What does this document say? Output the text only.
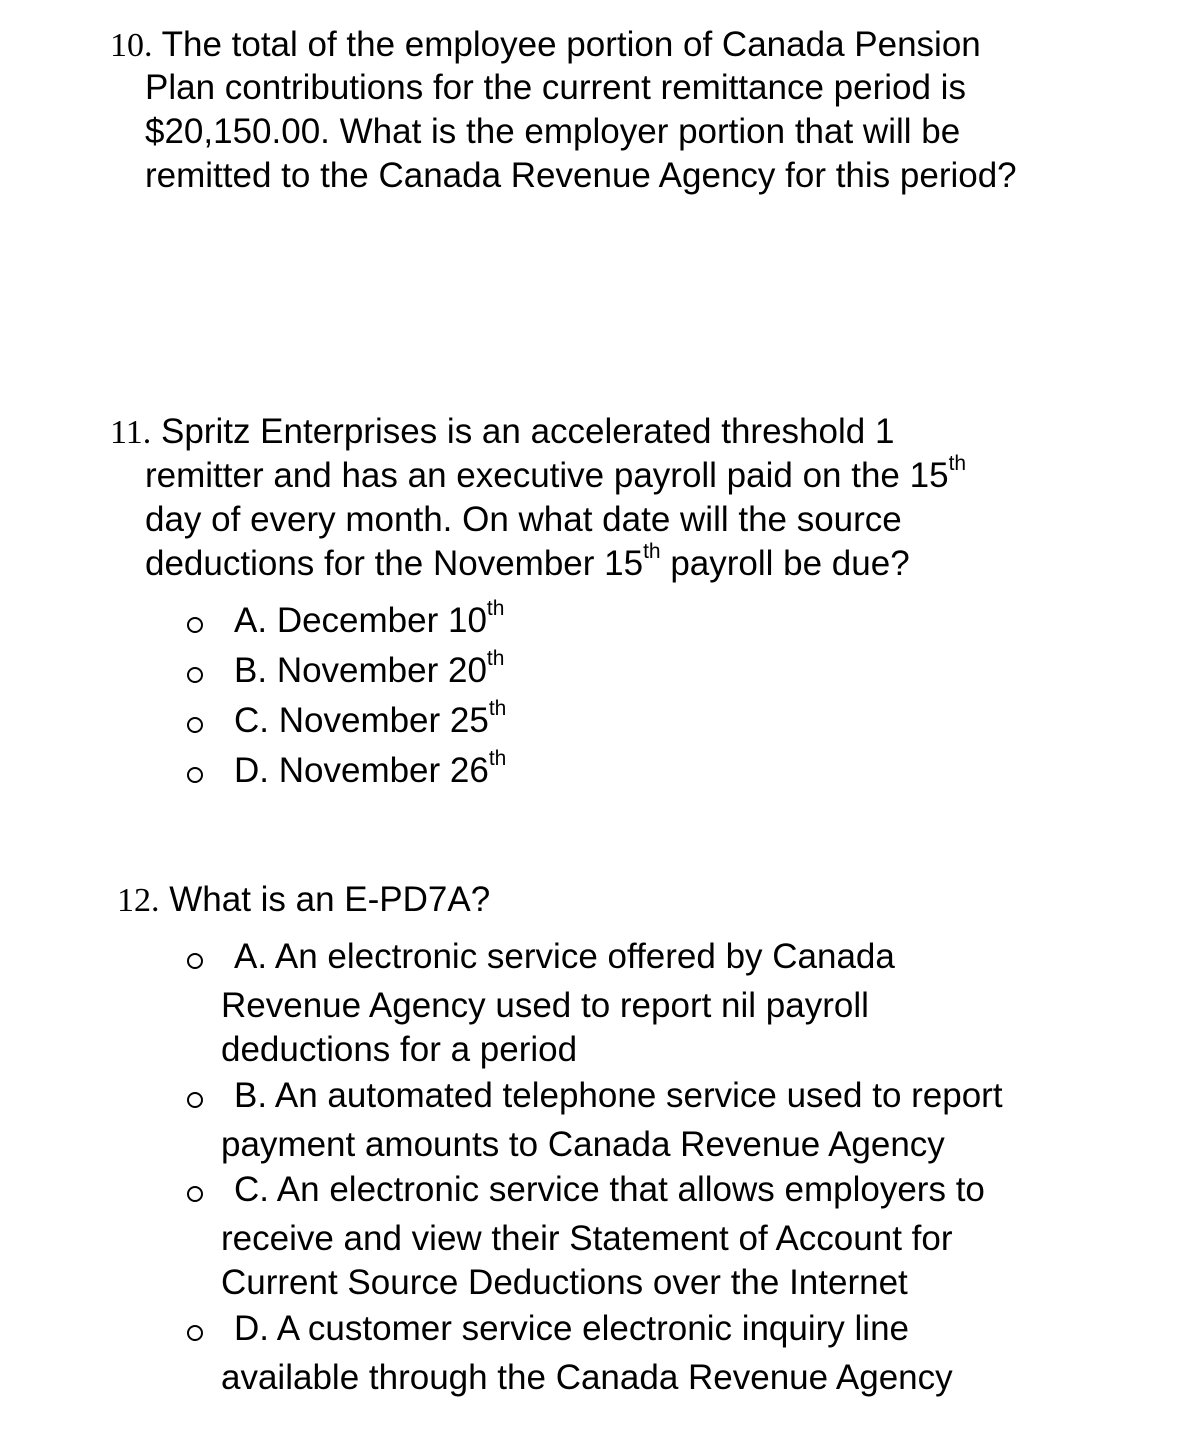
10. The total of the employee portion of Canada Pension
Plan contributions for the current remittance period is
$20,150.00. What is the employer portion that will be
remitted to the Canada Revenue Agency for this period?
11. Spritz Enterprises is an accelerated threshold 1
remitter and has an executive payroll paid on the 15th
day of every month. On what date will the source
deductions for the November 15th payroll be due?
A. December 10th
B. November 20th
C. November 25th
D. November 26th
12. What is an E-PD7A?
A. An electronic service offered by Canada
Revenue Agency used to report nil payroll
deductions for a period
B. An automated telephone service used to report
payment amounts to Canada Revenue Agency
C. An electronic service that allows employers to
receive and view their Statement of Account for
Current Source Deductions over the Internet
D. A customer service electronic inquiry line
available through the Canada Revenue Agency
